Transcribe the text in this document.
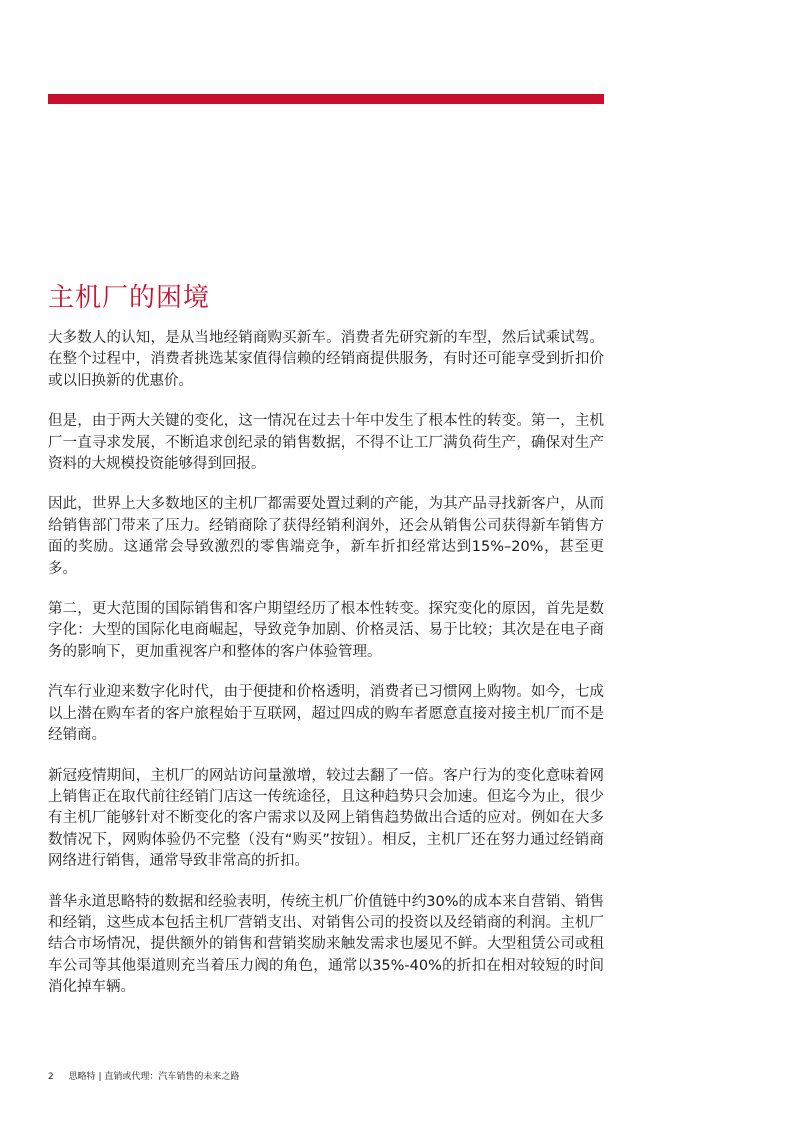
主机厂的困境

大多数人的认知，是从当地经销商购买新车。消费者先研究新的车型，然后试乘试驾。在整个过程中，消费者挑选某家值得信赖的经销商提供服务，有时还可能享受到折扣价或以旧换新的优惠价。

但是，由于两大关键的变化，这一情况在过去十年中发生了根本性的转变。第一，主机厂一直寻求发展，不断追求创纪录的销售数据，不得不让工厂满负荷生产，确保对生产资料的大规模投资能够得到回报。

因此，世界上大多数地区的主机厂都需要处置过剩的产能，为其产品寻找新客户，从而给销售部门带来了压力。经销商除了获得经销利润外，还会从销售公司获得新车销售方面的奖励。这通常会导致激烈的零售端竞争，新车折扣经常达到15%–20%，甚至更多。

第二，更大范围的国际销售和客户期望经历了根本性转变。探究变化的原因，首先是数字化：大型的国际化电商崛起，导致竞争加剧、价格灵活、易于比较；其次是在电子商务的影响下，更加重视客户和整体的客户体验管理。

汽车行业迎来数字化时代，由于便捷和价格透明，消费者已习惯网上购物。如今，七成以上潜在购车者的客户旅程始于互联网，超过四成的购车者愿意直接对接主机厂而不是经销商。

新冠疫情期间，主机厂的网站访问量激增，较过去翻了一倍。客户行为的变化意味着网上销售正在取代前往经销门店这一传统途径，且这种趋势只会加速。但迄今为止，很少有主机厂能够针对不断变化的客户需求以及网上销售趋势做出合适的应对。例如在大多数情况下，网购体验仍不完整（没有“购买”按钮）。相反，主机厂还在努力通过经销商网络进行销售，通常导致非常高的折扣。

普华永道思略特的数据和经验表明，传统主机厂价值链中约30%的成本来自营销、销售和经销，这些成本包括主机厂营销支出、对销售公司的投资以及经销商的利润。主机厂结合市场情况，提供额外的销售和营销奖励来触发需求也屡见不鲜。大型租赁公司或租车公司等其他渠道则充当着压力阀的角色，通常以35%-40%的折扣在相对较短的时间消化掉车辆。

2 思略特 | 直销或代理：汽车销售的未来之路
